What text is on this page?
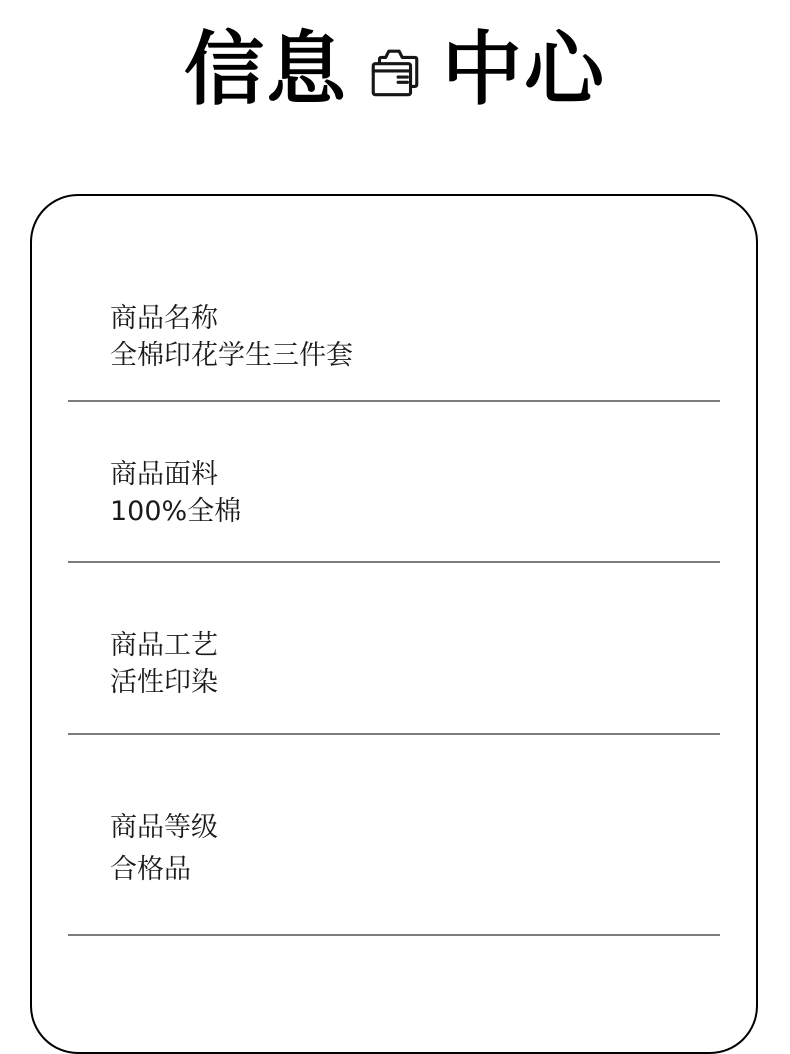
信息 中心
商品名称
全棉印花学生三件套
商品面料
100%全棉
商品工艺
活性印染
商品等级
合格品
